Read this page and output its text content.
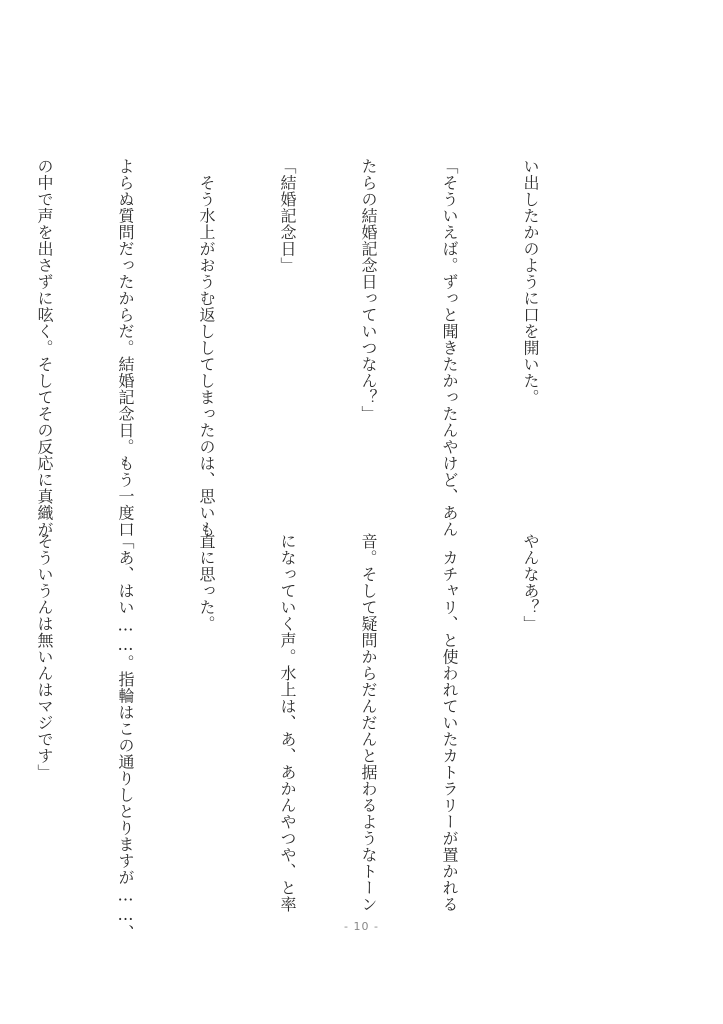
い出したかのように口を開いた。

「そういえば。ずっと聞きたかったんやけど、あん

たらの結婚記念日っていつなん？」

「結婚記念日」

　そう水上がおうむ返ししてしまったのは、思いも

よらぬ質問だったからだ。結婚記念日。もう一度口

の中で声を出さずに呟く。そしてその反応に真織が

やんなあ？」

　カチャリ、と使われていたカトラリーが置かれる

音。そして疑問からだんだんと据わるようなトーン

になっていく声。水上は、あ、あかんやつや、と率

直に思った。

「あ、はい……。指輪はこの通りしとりますが……、

そういうんは無いんはマジです」

- 10 -
